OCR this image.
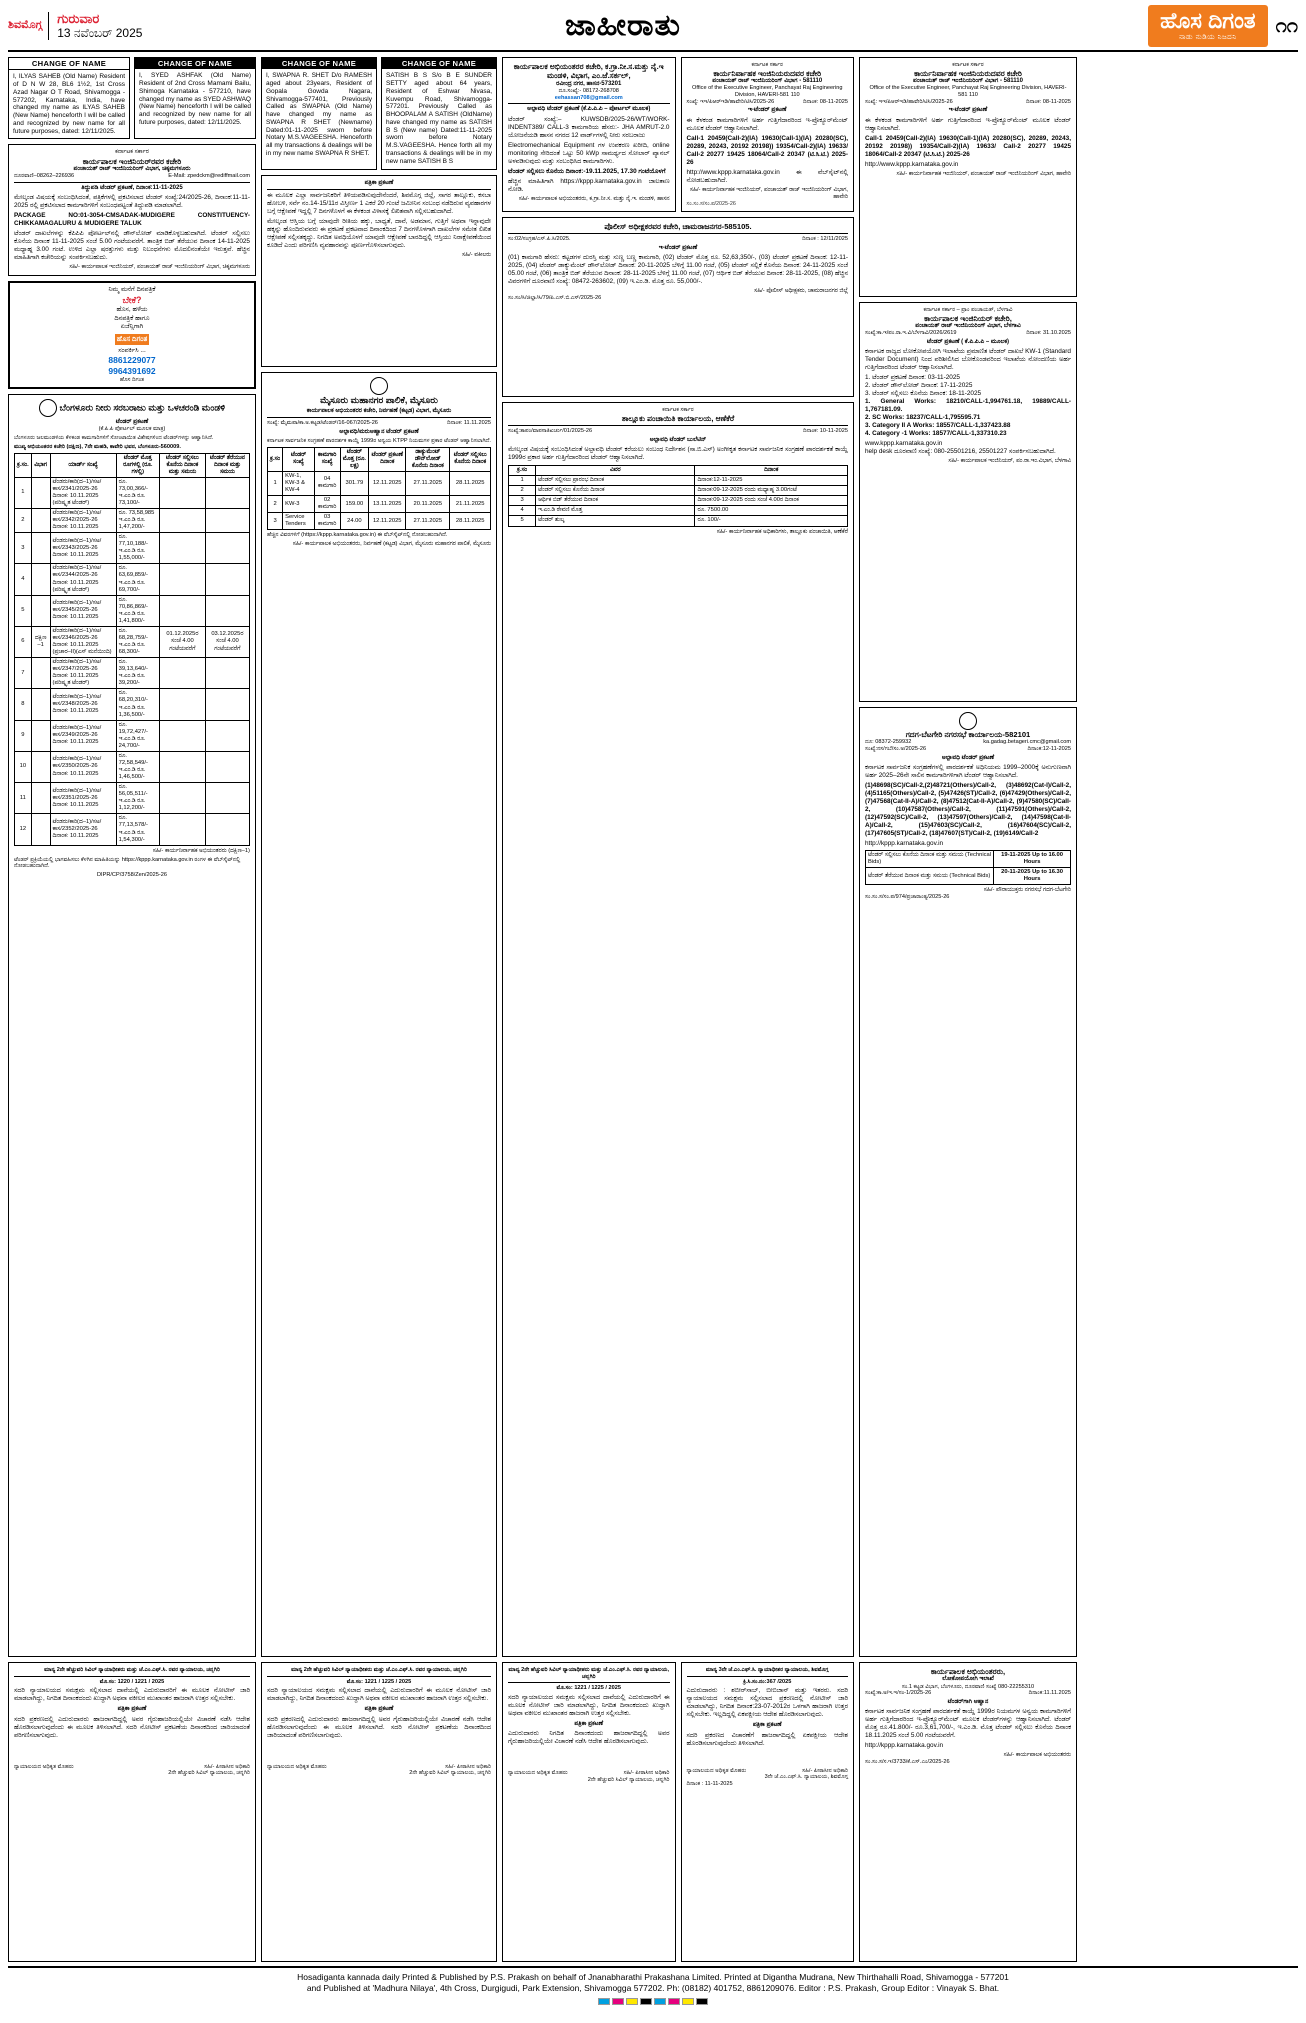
ಶಿವಮೊಗ್ಗ ಗುರುವಾರ
13 ನವೆಂಬರ್ 2025	ಜಾಹೀರಾತು	ಹೊಸ ದಿಗಂತ
ನಾಡು ನುಡಿಯ ನಿಜದನಿ
೧೧
CHANGE OF NAME
I, ILYAS SAHEB (Old Name) Resident of D N W 28, BL6 1½2, 1st Cross Azad Nagar O T Road, Shivamogga - 577202, Karnataka, India, have changed my name as ILYAS SAHEB (New Name) henceforth I will be called and recognized by new name for all future purposes, dated: 12/11/2025.
CHANGE OF NAME
I, SYED ASHFAK (Old Name) Resident of 2nd Cross Mamami Bailu, Shimoga Karnataka - 577210, have changed my name as SYED ASHWAQ (New Name) henceforth I will be called and recognized by new name for all future purposes, dated: 12/11/2025.
ಕರ್ನಾಟಕ ಸರ್ಕಾರ
ಕಾರ್ಯಪಾಲಕ ಇಂಜಿನಿಯರ್‌ರವರ ಕಚೇರಿ
ಪಂಚಾಯತ್ ರಾಜ್ ಇಂಜಿನಿಯರಿಂಗ್ ವಿಭಾಗ, ಚಿಕ್ಕಮಗಳೂರು
ದೂರವಾಣಿ–08262–226936	E-Mail: zpedckm@rediffmail.com
ತಿದ್ದುಪಡಿ ಟೆಂಡರ್ ಪ್ರಕಟಣೆ, ದಿನಾಂಕ:11-11-2025
ಮೇಲ್ಕಂಡ ವಿಷಯಕ್ಕೆ ಸಂಬಂಧಿಸಿದಂತೆ, ಪತ್ರಿಕೆಗಳಲ್ಲಿ ಪ್ರಕಟಿಸಲಾದ ಟೆಂಡರ್ ಸಂಖ್ಯೆ:24/2025-26, ದಿನಾಂಕ:11-11-2025 ರಲ್ಲಿ ಪ್ರಕಟಿಸಲಾದ ಕಾಮಗಾರಿಗಳಿಗೆ ಸಂಬಂಧಪಟ್ಟಂತೆ ತಿದ್ದುಪಡಿ ಮಾಡಲಾಗಿದೆ.
PACKAGE NO:01-3054-CMSADAK-MUDIGERE CONSTITUENCY-CHIKKAMAGALURU & MUDIGERE TALUK
ಟೆಂಡರ್ ದಾಖಲೆಗಳನ್ನು ಕೆಪಿಪಿಪಿ ಪೋರ್ಟಲ್‌ನಲ್ಲಿ ಡೌನ್‌ಲೋಡ್ ಮಾಡಿಕೊಳ್ಳಬಹುದಾಗಿದೆ. ಟೆಂಡರ್ ಸಲ್ಲಿಸಲು ಕೊನೆಯ ದಿನಾಂಕ 11-11-2025 ಸಂಜೆ 5.00 ಗಂಟೆಯವರೆಗೆ. ತಾಂತ್ರಿಕ ಬಿಡ್ ತೆರೆಯುವ ದಿನಾಂಕ 14-11-2025 ಮಧ್ಯಾಹ್ನ 3.00 ಗಂಟೆ. ಉಳಿದ ಎಲ್ಲಾ ಷರತ್ತುಗಳು ಮತ್ತು ನಿಬಂಧನೆಗಳು ಮೊದಲಿನಂತೆಯೇ ಇರುತ್ತವೆ. ಹೆಚ್ಚಿನ ಮಾಹಿತಿಗಾಗಿ ಕಚೇರಿಯನ್ನು ಸಂಪರ್ಕಿಸಬಹುದು.
ಸಹಿ/- ಕಾರ್ಯಪಾಲಕ ಇಂಜಿನಿಯರ್, ಪಂಚಾಯತ್ ರಾಜ್ ಇಂಜಿನಿಯರಿಂಗ್ ವಿಭಾಗ, ಚಿಕ್ಕಮಗಳೂರು
ನಿಮ್ಮ ಮನೆಗೆ ದಿನಪತ್ರಿಕೆ
ಬೇಕೆ?
ಹೊಸ, ಹಳೆಯ
ದಿನಪತ್ರಿಕೆ ಹಾಗೂ
ಏಜೆನ್ಸಿಗಾಗಿ
ಹೊಸ ದಿಗಂತ
ಸಂಪರ್ಕಿಸಿ ...
8861229077
9964391692
ಹೊಸ ದಿಗಂತ
ಬೆಂಗಳೂರು ನೀರು ಸರಬರಾಜು ಮತ್ತು ಒಳಚರಂಡಿ ಮಂಡಳಿ
ಟೆಂಡರ್ ಪ್ರಕಟಣೆ
(ಕೆ.ಪಿ.ಪಿ ಪೋರ್ಟಲ್ ಮೂಲಕ ಮಾತ್ರ)
ಬೆಂಗಳೂರು ಜಲಮಂಡಳಿಯ ಕೆಳಕಂಡ ಕಾಮಗಾರಿಗಳಿಗೆ ಸೋಂಟಾಯಿತ ವಿಶೇಷಗಳಿಂದ ಟೆಂಡರ್‌ಗಳನ್ನು ಆಹ್ವಾನಿಸಿದೆ.
ಮುಖ್ಯ ಅಭಿಯಂತರರ ಕಚೇರಿ (ದಕ್ಷಿಣ), 7ನೇ ಮಹಡಿ, ಕಾವೇರಿ ಭವನ, ಬೆಂಗಳೂರು-560009.
ಕ್ರ.ಸಂ.	ವಿಭಾಗ	ಯಾರ್ಡ್ ಸಂಖ್ಯೆ	ಟೆಂಡರ್ ಮೊತ್ತ ರೂಗಳಲ್ಲಿ (ರೂ. ಗಳಲ್ಲಿ)	ಟೆಂಡರ್ ಸಲ್ಲಿಸಲು ಕೊನೆಯ ದಿನಾಂಕ ಮತ್ತು ಸಮಯ	ಟೆಂಡರ್ ತೆರೆಯುವ ದಿನಾಂಕ ಮತ್ತು ಸಮಯ
1		ಟೆಂಡರು/ಕಾರಿ(ದ–1)/ಸಅ/ಕಾಸ/2341/2025-26 ದಿನಾಂಕ: 10.11.2025 (ಪರಿಷ್ಕೃತ ಟೆಂಡರ್)	ರೂ. 73,00,366/- ಇ.ಎಂ.ಡಿ ರೂ. 73,100/-		
2		ಟೆಂಡರು/ಕಾರಿ(ದ–1)/ಸಅ/ಕಾಸ/2342/2025-26 ದಿನಾಂಕ: 10.11.2025	ರೂ. 73,58,985 ಇ.ಎಂ.ಡಿ ರೂ. 1,47,200/-		
3		ಟೆಂಡರು/ಕಾರಿ(ದ–1)/ಸಅ/ಕಾಸ/2343/2025-26 ದಿನಾಂಕ: 10.11.2025	ರೂ. 77,10,188/- ಇ.ಎಂ.ಡಿ ರೂ. 1,55,000/-		
4		ಟೆಂಡರು/ಕಾರಿ(ದ–1)/ಸಅ/ಕಾಸ/2344/2025-26 ದಿನಾಂಕ: 10.11.2025 (ಪರಿಷ್ಕೃತ ಟೆಂಡರ್)	ರೂ. 63,69,859/- ಇ.ಎಂ.ಡಿ ರೂ. 69,700/-		
5		ಟೆಂಡರು/ಕಾರಿ(ದ–1)/ಸಅ/ಕಾಸ/2345/2025-26 ದಿನಾಂಕ: 10.11.2025	ರೂ. 70,86,869/- ಇ.ಎಂ.ಡಿ ರೂ. 1,41,800/-		
6	ದಕ್ಷಿಣ –1	ಟೆಂಡರು/ಕಾರಿ(ದ–1)/ಸಅ/ಕಾಸ/2346/2025-26 ದಿನಾಂಕ: 10.11.2025 (ಪ್ರಚಾರ–II)(ಎಸ್ ಮನೆಯಿಂದಿ)	ರೂ. 68,28,759/- ಇ.ಎಂ.ಡಿ ರೂ. 68,300/-	01.12.2025ರ ಸಂಜೆ 4.00 ಗಂಟೆಯವರೆಗೆ	03.12.2025ರ ಸಂಜೆ 4.00 ಗಂಟೆಯವರೆಗೆ
7		ಟೆಂಡರು/ಕಾರಿ(ದ–1)/ಸಅ/ಕಾಸ/2347/2025-26 ದಿನಾಂಕ: 10.11.2025 (ಪರಿಷ್ಕೃತ ಟೆಂಡರ್)	ರೂ. 39,13,640/- ಇ.ಎಂ.ಡಿ ರೂ. 39,200/-		
8		ಟೆಂಡರು/ಕಾರಿ(ದ–1)/ಸಅ/ಕಾಸ/2348/2025-26 ದಿನಾಂಕ: 10.11.2025	ರೂ. 68,20,310/- ಇ.ಎಂ.ಡಿ ರೂ. 1,36,500/-		
9		ಟೆಂಡರು/ಕಾರಿ(ದ–1)/ಸಅ/ಕಾಸ/2349/2025-26 ದಿನಾಂಕ: 10.11.2025	ರೂ. 19,72,427/- ಇ.ಎಂ.ಡಿ ರೂ. 24,700/-		
10		ಟೆಂಡರು/ಕಾರಿ(ದ–1)/ಸಅ/ಕಾಸ/2350/2025-26 ದಿನಾಂಕ: 10.11.2025	ರೂ. 72,58,549/- ಇ.ಎಂ.ಡಿ ರೂ. 1,46,500/-		
11		ಟೆಂಡರು/ಕಾರಿ(ದ–1)/ಸಅ/ಕಾಸ/2351/2025-26 ದಿನಾಂಕ: 10.11.2025	ರೂ. 56,05,511/- ಇ.ಎಂ.ಡಿ ರೂ. 1,12,200/-		
12		ಟೆಂಡರು/ಕಾರಿ(ದ–1)/ಸಅ/ಕಾಸ/2352/2025-26 ದಿನಾಂಕ: 10.11.2025	ರೂ. 77,13,578/- ಇ.ಎಂ.ಡಿ ರೂ. 1,54,300/-		
ಸಹಿ/- ಕಾರ್ಯನಿರ್ವಾಹಕ ಅಭಿಯಂತರರು (ದಕ್ಷಿಣ–1)
ಟೆಂಡರ್ ಪ್ರಕ್ರಿಯೆಯಲ್ಲಿ ಭಾಗವಹಿಸಲು ಕೆಳಗಿನ ಮಾಹಿತಿಯನ್ನು https://kppp.karnataka.gov.in ರಂಗಳ ಈ ವೆಬ್‌ಸೈಟ್‌ನಲ್ಲಿ ನೋಡಬಹುದಾಗಿದೆ.
DIPR/CP/3758/Zen/2025-26
ಮಾನ್ಯ 2ನೇ ಹೆಚ್ಚುವರಿ ಸಿವಿಲ್ ನ್ಯಾಯಾಧೀಶರು ಮತ್ತು ಜೆ.ಎಂ.ಎಫ್.ಸಿ. ರವರ ನ್ಯಾಯಾಲಯ, ಚನ್ನಗಿರಿ
ಮೊ.ಸಂ: 1220 / 1221 / 2025
ಸದರಿ ನ್ಯಾಯಾಲಯದ ಸಮಕ್ಷಮ ಸಲ್ಲಿಸಲಾದ ದಾವೆಯಲ್ಲಿ ಎದುರುದಾರರಿಗೆ ಈ ಮೂಲಕ ನೋಟೀಸ್ ಜಾರಿ ಮಾಡಲಾಗಿದ್ದು, ನಿಗದಿತ ದಿನಾಂಕದಂದು ಖುದ್ದಾಗಿ ಅಥವಾ ವಕೀಲರ ಮುಖಾಂತರ ಹಾಜರಾಗಿ ಉತ್ತರ ಸಲ್ಲಿಸಬೇಕು.
ಪತ್ರಿಕಾ ಪ್ರಕಟಣೆ
ಸದರಿ ಪ್ರಕರಣದಲ್ಲಿ ಎದುರುದಾರರು ಹಾಜರಾಗದಿದ್ದಲ್ಲಿ ಅವರ ಗೈರುಹಾಜರಿಯಲ್ಲಿಯೇ ವಿಚಾರಣೆ ನಡೆಸಿ ಆದೇಶ ಹೊರಡಿಸಲಾಗುವುದೆಂದು ಈ ಮೂಲಕ ತಿಳಿಸಲಾಗಿದೆ. ಸದರಿ ನೋಟೀಸ್ ಪ್ರಕಟಣೆಯ ದಿನಾಂಕದಿಂದ ಜಾರಿಯಾದಂತೆ ಪರಿಗಣಿಸಲಾಗುವುದು.
ನ್ಯಾಯಾಲಯದ ಅಧಿಕೃತ ಮೊಹರು	ಸಹಿ/- ಪೀಠಾಸೀನ ಅಧಿಕಾರಿ
2ನೇ ಹೆಚ್ಚುವರಿ ಸಿವಿಲ್ ನ್ಯಾಯಾಲಯ, ಚನ್ನಗಿರಿ
CHANGE OF NAME
I, SWAPNA R. SHET D/o RAMESH aged about 23years, Resident of Gopala Gowda Nagara, Shivamogga-577401, Previously Called as SWAPNA (Old Name) have changed my name as SWAPNA R SHET (Newname) Dated:01-11-2025 sworn before Notary M.S.VAGEESHA. Henceforth all my transactions & dealings will be in my new name SWAPNA R SHET.
CHANGE OF NAME
SATISH B S S/o B E SUNDER SETTY aged about 64 years, Resident of Eshwar Nivasa, Kuvempu Road, Shivamogga-577201. Previously Called as BHOOPALAM A SATISH (OldName) have changed my name as SATISH B S (New name) Dated:11-11-2025 sworn before Notary M.S.VAGEESHA. Hence forth all my transactions & dealings will be in my new name SATISH B S
ಪತ್ರಿಕಾ ಪ್ರಕಟಣೆ
ಈ ಮೂಲಕ ಎಲ್ಲಾ ಸಾರ್ವಜನಿಕರಿಗೆ ತಿಳಿಯಪಡಿಸುವುದೇನೆಂದರೆ, ಶಿವಮೊಗ್ಗ ಜಿಲ್ಲೆ, ಸಾಗರ ತಾಲ್ಲೂಕು, ಕಸಬಾ ಹೋಬಳಿ, ಸರ್ವೆ ನಂ.14-15/11ರ ವಿಸ್ತೀರ್ಣ 1 ಎಕರೆ 20 ಗುಂಟೆ ಜಮೀನಿನ ಸಂಬಂಧ ನಡೆದಿರುವ ವ್ಯವಹಾರಗಳ ಬಗ್ಗೆ ಆಕ್ಷೇಪಣೆ ಇದ್ದಲ್ಲಿ 7 ದಿನಗಳೊಳಗೆ ಈ ಕೆಳಕಂಡ ವಿಳಾಸಕ್ಕೆ ಲಿಖಿತವಾಗಿ ಸಲ್ಲಿಸಬಹುದಾಗಿದೆ.
ಮೇಲ್ಕಂಡ ಆಸ್ತಿಯ ಬಗ್ಗೆ ಯಾವುದೇ ರೀತಿಯ ಹಕ್ಕು, ಬಾಧ್ಯತೆ, ದಾವೆ, ಅಡಮಾನ, ಗುತ್ತಿಗೆ ಅಥವಾ ಇನ್ನಾವುದೇ ಹಕ್ಕನ್ನು ಹೊಂದಿರುವವರು ಈ ಪ್ರಕಟಣೆ ಪ್ರಕಟವಾದ ದಿನಾಂಕದಿಂದ 7 ದಿನಗಳೊಳಗಾಗಿ ದಾಖಲೆಗಳ ಸಮೇತ ಲಿಖಿತ ಆಕ್ಷೇಪಣೆ ಸಲ್ಲಿಸತಕ್ಕದ್ದು. ನಿಗದಿತ ಅವಧಿಯೊಳಗೆ ಯಾವುದೇ ಆಕ್ಷೇಪಣೆ ಬಾರದಿದ್ದಲ್ಲಿ ಆಸ್ತಿಯು ನಿರಾಕ್ಷೇಪಣೆಯಿಂದ ಕೂಡಿದೆ ಎಂದು ಪರಿಗಣಿಸಿ ವ್ಯವಹಾರವನ್ನು ಪೂರ್ಣಗೊಳಿಸಲಾಗುವುದು.
ಸಹಿ/- ವಕೀಲರು
ಮೈಸೂರು ಮಹಾನಗರ ಪಾಲಿಕೆ, ಮೈಸೂರು
ಕಾರ್ಯಪಾಲಕ ಅಭಿಯಂತರರ ಕಚೇರಿ, ನಿರ್ವಹಣೆ (ಕಟ್ಟಡ) ವಿಭಾಗ, ಮೈಸೂರು
ಸಂಖ್ಯೆ: ಮೈಮಪಾ/ಕಾ.ಅ.ಕಟ್ಟಡ/ಟೆಂಡರ್/16-067/2025-26	ದಿನಾಂಕ: 11.11.2025
ಅಲ್ಪಾವಧಿ/ಮರುಆಹ್ವಾನ ಟೆಂಡರ್ ಪ್ರಕಟಣೆ
ಕರ್ನಾಟಕ ಸಾರ್ವಜನಿಕ ಸಂಗ್ರಹಣೆ ಪಾರದರ್ಶಕ ಕಾಯ್ದೆ 1999ರ ಅನ್ವಯ KTPP ನಿಯಮಗಳ ಪ್ರಕಾರ ಟೆಂಡರ್ ಆಹ್ವಾನಿಸಲಾಗಿದೆ.
ಕ್ರ.ಸಂ	ಟೆಂಡರ್ ಸಂಖ್ಯೆ	ಕಾಮಗಾರಿ ಸಂಖ್ಯೆ	ಟೆಂಡರ್ ಮೊತ್ತ (ರೂ. ಲಕ್ಷ)	ಟೆಂಡರ್ ಪ್ರಕಟಣೆ ದಿನಾಂಕ	ಡಾಕ್ಯುಮೆಂಟ್ ಡೌನ್‌ಲೋಡ್ ಕೊನೆಯ ದಿನಾಂಕ	ಟೆಂಡರ್ ಸಲ್ಲಿಸಲು ಕೊನೆಯ ದಿನಾಂಕ
1	KW-1, KW-3 & KW-4	04 ಕಾಮಗಾರಿ	301.79	12.11.2025	27.11.2025	28.11.2025
2	KW-3	02 ಕಾಮಗಾರಿ	159.00	13.11.2025	20.11.2025	21.11.2025
3	Service Tenders	03 ಕಾಮಗಾರಿ	24.00	12.11.2025	27.11.2025	28.11.2025
ಹೆಚ್ಚಿನ ವಿವರಗಳಿಗೆ (https://kppp.karnataka.gov.in) ಈ ವೆಬ್‌ಸೈಟ್‌ನಲ್ಲಿ ನೋಡಬಹುದಾಗಿದೆ.
ಸಹಿ/- ಕಾರ್ಯಪಾಲಕ ಅಭಿಯಂತರರು, ನಿರ್ವಹಣೆ (ಕಟ್ಟಡ) ವಿಭಾಗ, ಮೈಸೂರು ಮಹಾನಗರ ಪಾಲಿಕೆ, ಮೈಸೂರು
ಮಾನ್ಯ 2ನೇ ಹೆಚ್ಚುವರಿ ಸಿವಿಲ್ ನ್ಯಾಯಾಧೀಶರು ಮತ್ತು ಜೆ.ಎಂ.ಎಫ್.ಸಿ. ರವರ ನ್ಯಾಯಾಲಯ, ಚನ್ನಗಿರಿ
ಮೊ.ಸಂ: 1221 / 1225 / 2025
ಸದರಿ ನ್ಯಾಯಾಲಯದ ಸಮಕ್ಷಮ ಸಲ್ಲಿಸಲಾದ ದಾವೆಯಲ್ಲಿ ಎದುರುದಾರರಿಗೆ ಈ ಮೂಲಕ ನೋಟೀಸ್ ಜಾರಿ ಮಾಡಲಾಗಿದ್ದು, ನಿಗದಿತ ದಿನಾಂಕದಂದು ಖುದ್ದಾಗಿ ಅಥವಾ ವಕೀಲರ ಮುಖಾಂತರ ಹಾಜರಾಗಿ ಉತ್ತರ ಸಲ್ಲಿಸಬೇಕು.
ಪತ್ರಿಕಾ ಪ್ರಕಟಣೆ
ಸದರಿ ಪ್ರಕರಣದಲ್ಲಿ ಎದುರುದಾರರು ಹಾಜರಾಗದಿದ್ದಲ್ಲಿ ಅವರ ಗೈರುಹಾಜರಿಯಲ್ಲಿಯೇ ವಿಚಾರಣೆ ನಡೆಸಿ ಆದೇಶ ಹೊರಡಿಸಲಾಗುವುದೆಂದು ಈ ಮೂಲಕ ತಿಳಿಸಲಾಗಿದೆ. ಸದರಿ ನೋಟೀಸ್ ಪ್ರಕಟಣೆಯ ದಿನಾಂಕದಿಂದ ಜಾರಿಯಾದಂತೆ ಪರಿಗಣಿಸಲಾಗುವುದು.
ನ್ಯಾಯಾಲಯದ ಅಧಿಕೃತ ಮೊಹರು	ಸಹಿ/- ಪೀಠಾಸೀನ ಅಧಿಕಾರಿ
2ನೇ ಹೆಚ್ಚುವರಿ ಸಿವಿಲ್ ನ್ಯಾಯಾಲಯ, ಚನ್ನಗಿರಿ
ಕಾರ್ಯಪಾಲಕ ಅಭಿಯಂತರರ ಕಚೇರಿ, ಕ.ಗ್ರಾ.ನೀ.ಸ.ಮತ್ತು ನೈ.ಇ ಮಂಡಳಿ, ವಿಭಾಗ, ಎಂ.ಜೆ.ಸರ್ಕಲ್,
ರವೀಂದ್ರ ನಗರ, ಹಾಸನ-573201
ದೂ.ಸಂಖ್ಯೆ:- 08172-268708
eehassan708@gmail.com
ಅಲ್ಪಾವಧಿ ಟೆಂಡರ್ ಪ್ರಕಟಣೆ (ಕೆ.ಪಿ.ಪಿ.ಪಿ – ಪೋರ್ಟಲ್ ಮೂಲಕ)
ಟೆಂಡರ್ ಸಂಖ್ಯೆ:– KUWSDB/2025-26/WT/WORK-INDENT389/ CALL-3 ಕಾಮಗಾರಿಯ ಹೆಸರು:- JHA AMRUT-2.0 ಯೋಜನೆಯಡಿ ಹಾಸನ ನಗರದ 12 ವಾರ್ಡ್‌ಗಳಲ್ಲಿ ನೀರು ಸರಬರಾಜು
Electromechanical Equipment ಗಳ ಉಪಕರಣ ಖರೀದಿ, online monitoring ಸೇರಿದಂತೆ ಒಟ್ಟು 50 kWp ಸಾಮರ್ಥ್ಯದ ಸೋಲಾರ್ ಪ್ಯಾನಲ್ ಅಳವಡಿಸುವುದು ಮತ್ತು ಸಂಬಂಧಿಸಿದ ಕಾಮಗಾರಿಗಳು.
ಟೆಂಡರ್ ಸಲ್ಲಿಸಲು ಕೊನೆಯ ದಿನಾಂಕ:-19.11.2025, 17.30 ಗಂಟೆಯೊಳಗೆ
ಹೆಚ್ಚಿನ ಮಾಹಿತಿಗಾಗಿ https://kppp.karnataka.gov.in ಜಾಲತಾಣ ನೋಡಿ.
ಸಹಿ/- ಕಾರ್ಯಪಾಲಕ ಅಭಿಯಂತರರು, ಕ.ಗ್ರಾ.ನೀ.ಸ. ಮತ್ತು ನೈ.ಇ. ಮಂಡಳಿ, ಹಾಸನ
ಕರ್ನಾಟಕ ಸರ್ಕಾರ
ಕಾರ್ಯನಿರ್ವಾಹಕ ಇಂಜಿನಿಯರುದವರ ಕಚೇರಿ
ಪಂಚಾಯತ್ ರಾಜ್ ಇಂಜಿನಿಯರಿಂಗ್ ವಿಭಾಗ - 581110
Office of the Executive Engineer, Panchayat Raj Engineering Division, HAVERI-581 110
ಸಂಖ್ಯೆ: ಇಇ/ಪಿಆರ್‌ಇಡಿ/ಹಾವೇರಿ/ಟಿಸಿ/2025-26	ದಿನಾಂಕ: 08-11-2025
ಇ-ಟೆಂಡರ್ ಪ್ರಕಟಣೆ
ಈ ಕೆಳಕಂಡ ಕಾಮಗಾರಿಗಳಿಗೆ ಅರ್ಹ ಗುತ್ತಿಗೆದಾರರಿಂದ ಇ-ಪ್ರೊಕ್ಯೂರ್‌ಮೆಂಟ್ ಮೂಲಕ ಟೆಂಡರ್ ಆಹ್ವಾನಿಸಲಾಗಿದೆ.
Call-1 20459(Call-2)(IA) 19630(Call-1)(IA) 20280(SC), 20289, 20243, 20192 20198)) 19354/Call-2)(IA) 19633/ Call-2 20277 19425 18064/Call-2 20347 (ಟಿ.ಸಿ.ಟಿ.) 2025-26
http://www.kppp.karnataka.gov.in ಈ ವೆಬ್‌ಸೈಟ್‌ನಲ್ಲಿ ನೋಡಬಹುದಾಗಿದೆ.
ಸಹಿ/- ಕಾರ್ಯನಿರ್ವಾಹಕ ಇಂಜಿನಿಯರ್, ಪಂಚಾಯತ್ ರಾಜ್ ಇಂಜಿನಿಯರಿಂಗ್ ವಿಭಾಗ, ಹಾವೇರಿ
ಸಂ.ಸಂ.ಸ/ಸಂ.ಪ/2025-26
ಪೊಲೀಸ್ ಅಧೀಕ್ಷಕರವರ ಕಚೇರಿ, ಚಾಮರಾಜನಗರ-585105.
ಸಂ:02/ಸಂಗ್ರಹ/ಎಸ್.ಪಿ.ಸಿ/2025.	ದಿನಾಂಕ : 12/11/2025
ಇ-ಟೆಂಡರ್ ಪ್ರಕಟಣೆ
(01) ಕಾಮಗಾರಿ ಹೆಸರು: ಕಟ್ಟಡಗಳ ದುರಸ್ತಿ ಮತ್ತು ಸುಣ್ಣ ಬಣ್ಣ ಕಾಮಗಾರಿ, (02) ಟೆಂಡರ್ ಮೊತ್ತ ರೂ. 52,63,350/-, (03) ಟೆಂಡರ್ ಪ್ರಕಟಣೆ ದಿನಾಂಕ: 12-11-2025, (04) ಟೆಂಡರ್ ಡಾಕ್ಯುಮೆಂಟ್ ಡೌನ್‌ಲೋಡ್ ದಿನಾಂಕ: 20-11-2025 ಬೆಳಿಗ್ಗೆ 11.00 ಗಂಟೆ, (05) ಟೆಂಡರ್ ಸಲ್ಲಿಕೆ ಕೊನೆಯ ದಿನಾಂಕ: 24-11-2025 ಸಂಜೆ 05.00 ಗಂಟೆ, (06) ತಾಂತ್ರಿಕ ಬಿಡ್ ತೆರೆಯುವ ದಿನಾಂಕ: 28-11-2025 ಬೆಳಿಗ್ಗೆ 11.00 ಗಂಟೆ, (07) ಆರ್ಥಿಕ ಬಿಡ್ ತೆರೆಯುವ ದಿನಾಂಕ: 28-11-2025, (08) ಹೆಚ್ಚಿನ ವಿವರಗಳಿಗೆ ದೂರವಾಣಿ ಸಂಖ್ಯೆ: 08472-263602, (09) ಇ.ಎಂ.ಡಿ. ಮೊತ್ತ ರೂ. 55,000/-.
ಸಹಿ/- ಪೊಲೀಸ್ ಅಧೀಕ್ಷಕರು, ಚಾಮರಾಜನಗರ ಜಿಲ್ಲೆ
ಸಂ.ಸಂ/ಸಿ/ಜಿಲ್ಲಾ/ಸಿ/79/ಪಿ.ಎಸ್.ಬಿ.ಎಸ್/2025-26
ಕರ್ನಾಟಕ ಸರ್ಕಾರ
ತಾಲ್ಲೂಕು ಪಂಚಾಯಿತಿ ಕಾರ್ಯಾಲಯ, ಆಣೆಕೆರೆ
ಸಂಖ್ಯೆ:ತಾಪಂ/ವಾಪಸಾತಿಖರ್ಚು/01/2025-26	ದಿನಾಂಕ: 10-11-2025
ಅಲ್ಪಾವಧಿ ಟೆಂಡರ್ ಬುಲೆಟಿನ್
ಮೇಲ್ಕಂಡ ವಿಷಯಕ್ಕೆ ಸಂಬಂಧಿಸಿದಂತೆ ಅಲ್ಪಾವಧಿ ಟೆಂಡರ್ ಕರೆಯಲು ಸಂಬಂಧ ನಿರ್ದೇಶನ (ಸಾ.ಬಿ.ಎಸ್) ಅಂಗೀಕೃತ ಕರ್ನಾಟಕ ಸಾರ್ವಜನಿಕ ಸಂಗ್ರಹಣೆ ಪಾರದರ್ಶಕತೆ ಕಾಯ್ದೆ 1999ರ ಪ್ರಕಾರ ಅರ್ಹ ಗುತ್ತಿಗೆದಾರರಿಂದ ಟೆಂಡರ್ ಆಹ್ವಾನಿಸಲಾಗಿದೆ.
ಕ್ರ.ಸಂ	ವಿವರ	ದಿನಾಂಕ
1	ಟೆಂಡರ್ ಸಲ್ಲಿಸಲು ಪ್ರಾರಂಭ ದಿನಾಂಕ	ದಿನಾಂಕ:12-11-2025
2	ಟೆಂಡರ್ ಸಲ್ಲಿಸಲು ಕೊನೆಯ ದಿನಾಂಕ	ದಿನಾಂಕ:09-12-2025 ರಂದು ಮಧ್ಯಾಹ್ನ 3.00ಗಂಟೆ
3	ಆರ್ಥಿಕ ಬಿಡ್ ತೆರೆಯುವ ದಿನಾಂಕ	ದಿನಾಂಕ:09-12-2025 ರಂದು ಸಂಜೆ 4.00ರ ದಿನಾಂಕ
4	ಇ.ಎಂ.ಡಿ ಠೇವಣಿ ಮೊತ್ತ	ರೂ. 7500.00
5	ಟೆಂಡರ್ ಶುಲ್ಕ	ರೂ. 100/-
ಸಹಿ/- ಕಾರ್ಯನಿರ್ವಾಹಕ ಅಧಿಕಾರಿಗಳು, ತಾಲ್ಲೂಕು ಪಂಚಾಯಿತಿ, ಆಣೆಕೆರೆ
ಮಾನ್ಯ 2ನೇ ಹೆಚ್ಚುವರಿ ಸಿವಿಲ್ ನ್ಯಾಯಾಧೀಶರು ಮತ್ತು ಜೆ.ಎಂ.ಎಫ್.ಸಿ. ರವರ ನ್ಯಾಯಾಲಯ, ಚನ್ನಗಿರಿ
ಮೊ.ಸಂ: 1221 / 1225 / 2025
ಸದರಿ ನ್ಯಾಯಾಲಯದ ಸಮಕ್ಷಮ ಸಲ್ಲಿಸಲಾದ ದಾವೆಯಲ್ಲಿ ಎದುರುದಾರರಿಗೆ ಈ ಮೂಲಕ ನೋಟೀಸ್ ಜಾರಿ ಮಾಡಲಾಗಿದ್ದು, ನಿಗದಿತ ದಿನಾಂಕದಂದು ಖುದ್ದಾಗಿ ಅಥವಾ ವಕೀಲರ ಮುಖಾಂತರ ಹಾಜರಾಗಿ ಉತ್ತರ ಸಲ್ಲಿಸಬೇಕು.
ಪತ್ರಿಕಾ ಪ್ರಕಟಣೆ
ಎದುರುದಾರರು ನಿಗದಿತ ದಿನಾಂಕದಂದು ಹಾಜರಾಗದಿದ್ದಲ್ಲಿ ಅವರ ಗೈರುಹಾಜರಿಯಲ್ಲಿಯೇ ವಿಚಾರಣೆ ನಡೆಸಿ ಆದೇಶ ಹೊರಡಿಸಲಾಗುವುದು.
ನ್ಯಾಯಾಲಯದ ಅಧಿಕೃತ ಮೊಹರು	ಸಹಿ/- ಪೀಠಾಸೀನ ಅಧಿಕಾರಿ
2ನೇ ಹೆಚ್ಚುವರಿ ಸಿವಿಲ್ ನ್ಯಾಯಾಲಯ, ಚನ್ನಗಿರಿ
ಮಾನ್ಯ 3ನೇ ಜೆ.ಎಂ.ಎಫ್.ಸಿ. ನ್ಯಾಯಾಧೀಶರ ನ್ಯಾಯಾಲಯ, ಶಿವಮೊಗ್ಗ
ಕ್ರಿ.ಸಿ.ಸಂ.ನಂ:367 /2025
ಎದುರುದಾರರು : ಶಬೀರ್‌ಸಾಬ್, ಬೀಬಿಜಾನ್ ಮತ್ತು ಇತರರು. ಸದರಿ ನ್ಯಾಯಾಲಯದ ಸಮಕ್ಷಮ ಸಲ್ಲಿಸಲಾದ ಪ್ರಕರಣದಲ್ಲಿ ನೋಟೀಸ್ ಜಾರಿ ಮಾಡಲಾಗಿದ್ದು, ನಿಗದಿತ ದಿನಾಂಕ:23-07-2012ರ ಒಳಗಾಗಿ ಹಾಜರಾಗಿ ಉತ್ತರ ಸಲ್ಲಿಸಬೇಕು. ಇಲ್ಲದಿದ್ದಲ್ಲಿ ಏಕಪಕ್ಷೀಯ ಆದೇಶ ಹೊರಡಿಸಲಾಗುವುದು.
ಪತ್ರಿಕಾ ಪ್ರಕಟಣೆ
ಸದರಿ ಪ್ರಕರಣದ ವಿಚಾರಣೆಗೆ ಹಾಜರಾಗದಿದ್ದಲ್ಲಿ ಏಕಪಕ್ಷೀಯ ಆದೇಶ ಹೊರಡಿಸಲಾಗುವುದೆಂದು ತಿಳಿಸಲಾಗಿದೆ.
ನ್ಯಾಯಾಲಯದ ಅಧಿಕೃತ ಮೊಹರು	ಸಹಿ/- ಪೀಠಾಸೀನ ಅಧಿಕಾರಿ
3ನೇ ಜೆ.ಎಂ.ಎಫ್.ಸಿ. ನ್ಯಾಯಾಲಯ, ಶಿವಮೊಗ್ಗ
ದಿನಾಂಕ : 11-11-2025
ಕರ್ನಾಟಕ ಸರ್ಕಾರ
ಕಾರ್ಯನಿರ್ವಾಹಕ ಇಂಜಿನಿಯರುದವರ ಕಚೇರಿ
ಪಂಚಾಯತ್ ರಾಜ್ ಇಂಜಿನಿಯರಿಂಗ್ ವಿಭಾಗ - 581110
Office of the Executive Engineer, Panchayat Raj Engineering Division, HAVERI-581 110
ಸಂಖ್ಯೆ: ಇಇ/ಪಿಆರ್‌ಇಡಿ/ಹಾವೇರಿ/ಟಿಸಿ/2025-26	ದಿನಾಂಕ: 08-11-2025
ಇ-ಟೆಂಡರ್ ಪ್ರಕಟಣೆ
ಈ ಕೆಳಕಂಡ ಕಾಮಗಾರಿಗಳಿಗೆ ಅರ್ಹ ಗುತ್ತಿಗೆದಾರರಿಂದ ಇ-ಪ್ರೊಕ್ಯೂರ್‌ಮೆಂಟ್ ಮೂಲಕ ಟೆಂಡರ್ ಆಹ್ವಾನಿಸಲಾಗಿದೆ.
Call-1 20459(Call-2)(IA) 19630(Call-1)(IA) 20280(SC), 20289, 20243, 20192 20198)) 19354/Call-2)(IA) 19633/ Call-2 20277 19425 18064/Call-2 20347 (ಟಿ.ಸಿ.ಟಿ.) 2025-26
http://www.kppp.karnataka.gov.in
ಸಹಿ/- ಕಾರ್ಯನಿರ್ವಾಹಕ ಇಂಜಿನಿಯರ್, ಪಂಚಾಯತ್ ರಾಜ್ ಇಂಜಿನಿಯರಿಂಗ್ ವಿಭಾಗ, ಹಾವೇರಿ
ಕರ್ನಾಟಕ ಸರ್ಕಾರ – ಪ್ರಾಂ ಪಂಚಾಯತ್, ಬೆಳಗಾವಿ
ಕಾರ್ಯಪಾಲಕ ಇಂಜಿನಿಯರ್ ಕಚೇರಿ,
ಪಂಚಾಯತ್ ರಾಜ್ ಇಂಜಿನಿಯರಿಂಗ್ ವಿಭಾಗ, ಬೆಳಗಾವಿ
ಸಂಖ್ಯೆ:ಕಾ.ಇ/ಪಂ.ರಾ.ಇ.ವಿ/ಬೆಳಗಾವಿ/2026/2619	ದಿನಾಂಕ: 31.10.2025
ಟೆಂಡರ್ ಪ್ರಕಟಣೆ ( ಕೆ.ಪಿ.ಪಿ.ಪಿ – ಮೂಲಕ)
ಕರ್ನಾಟಕ ರಾಜ್ಯದ ಲೋಕೋಪಯೋಗಿ ಇಲಾಖೆಯ ಪ್ರಮಾಣಿತ ಟೆಂಡರ್ ದಾಖಲೆ KW-1 (Standard Tender Document) ನಿಂದ ಪರಿಶೀಲಿಸಿದ ಬೋಕೊಂಡವರಿಂದ ಇಲಾಖೆಯ ನೋಂದಣಿಯ ಅರ್ಹ ಗುತ್ತಿಗೆದಾರರಿಂದ ಟೆಂಡರ್ ಆಹ್ವಾನಿಸಲಾಗಿದೆ.
1. ಟೆಂಡರ್ ಪ್ರಕಟಣೆ ದಿನಾಂಕ: 03-11-2025
2. ಟೆಂಡರ್ ಡೌನ್‌ಲೋಡ್ ದಿನಾಂಕ: 17-11-2025
3. ಟೆಂಡರ್ ಸಲ್ಲಿಸಲು ಕೊನೆಯ ದಿನಾಂಕ: 18-11-2025
1. General Works: 18210/CALL-1,994761.18, 19889/CALL-1,767181.09.
2. SC Works: 18237/CALL-1,795595.71
3. Category II A Works: 18557/CALL-1,337423.88
4. Category -1 Works: 18577/CALL-1,337310.23
www.kppp.karnataka.gov.in
help desk ದೂರವಾಣಿ ಸಂಖ್ಯೆ: 080-25501216, 25501227 ಸಂಪರ್ಕಿಸಬಹುದಾಗಿದೆ.
ಸಹಿ/- ಕಾರ್ಯಪಾಲಕ ಇಂಜಿನಿಯರ್, ಪಂ.ರಾ.ಇಂ.ವಿಭಾಗ, ಬೆಳಗಾವಿ
ಗದಗ-ಬೆಟಗೇರಿ ನಗರಸಭೆ ಕಾರ್ಯಾಲಯ-582101
ದೂ: 08372-259932	ka.gadag.betageri.cmc@gmail.com
ಸಂಖ್ಯೆ:ನಸ/ಗಬೆ/ಸಂ.ಅ/2025-26	ದಿನಾಂಕ:12-11-2025
ಅಲ್ಪಾವಧಿ ಟೆಂಡರ್ ಪ್ರಕಟಣೆ
ಕರ್ನಾಟಕ ಸಾರ್ವಜನಿಕ ಸಂಗ್ರಹಣೆಗಳಲ್ಲಿ ಪಾರದರ್ಶಕತೆ ಅಧಿನಿಯಮ 1999–2000ಕ್ಕೆ ಅನುಗುಣವಾಗಿ ಅರ್ಹ 2025–26ನೇ ಸಾಲಿನ ಕಾಮಗಾರಿಗಳಿಗಾಗಿ ಟೆಂಡರ್ ಆಹ್ವಾನಿಸಲಾಗಿದೆ.
(1)48698(SC)/Call-2,(2)48721(Others)/Call-2, (3)48692(Cat-I)/Call-2,(4)51165(Others)/Call-2, (5)47426(ST)/Call-2, (6)47429(Others)/Call-2, (7)47568(Cat-II-A)/Call-2, (8)47512(Cat-II-A)/Call-2, (9)47580(SC)/Call-2, (10)47587(Others)/Call-2, (11)47591(Others)/Call-2, (12)47592(SC)/Call-2, (13)47597(Others)/Call-2, (14)47598(Cat-II-A)/Call-2, (15)47603(SC)/Call-2, (16)47604(SC)/Call-2, (17)47605(ST)/Call-2, (18)47607(ST)/Call-2, (19)6149/Call-2
http://kppp.karnataka.gov.in
ಟೆಂಡರ್ ಸಲ್ಲಿಸಲು ಕೊನೆಯ ದಿನಾಂಕ ಮತ್ತು ಸಮಯ (Technical Bids)	19-11-2025 Up to 16.00 Hours
ಟೆಂಡರ್ ತೆರೆಯುವ ದಿನಾಂಕ ಮತ್ತು ಸಮಯ (Technical Bids)	20-11-2025 Up to 16.30 Hours
ಸಹಿ/- ಪೌರಾಯುಕ್ತರು ನಗರಸಭೆ ಗದಗ-ಬೆಟಗೇರಿ
ಸಂ.ಸಂ.ಸ/ಸಂ.ಪ/974/ಪ್ರಚಾರಾಂತ್ಯ/2025-26
ಕಾರ್ಯಪಾಲಕ ಅಭಿಯಂತರರು,
ಲೋಕೋಪಯೋಗಿ ಇಲಾಖೆ
ಸಂ.1 ಕಟ್ಟಡ ವಿಭಾಗ, ಬೆಂಗಳೂರು, ದೂರವಾಣಿ ಸಂಖ್ಯೆ 080-22255310
ಸಂಖ್ಯೆ:ಕಾ.ಅ/ಇ.ಇ/ಸಂ-1/2025-26	ದಿನಾಂಕ:11.11.2025
ಟೆಂಡರ್‌ಗಾಗಿ ಆಹ್ವಾನ
ಕರ್ನಾಟಕ ಸಾರ್ವಜನಿಕ ಸಂಗ್ರಹಣೆ ಪಾರದರ್ಶಕತೆ ಕಾಯ್ದೆ 1999ರ ನಿಯಮಗಳ ಅನ್ವಯ ಕಾಮಗಾರಿಗಳಿಗೆ ಅರ್ಹ ಗುತ್ತಿಗೆದಾರರಿಂದ ಇ-ಪ್ರೊಕ್ಯೂರ್‌ಮೆಂಟ್ ಮೂಲಕ ಟೆಂಡರ್‌ಗಳನ್ನು ಆಹ್ವಾನಿಸಲಾಗಿದೆ. ಟೆಂಡರ್ ಮೊತ್ತ ರೂ.41.800/- ರೂ.3,61,700/-, ಇ.ಎಂ.ಡಿ. ಮೊತ್ತ ಟೆಂಡರ್ ಸಲ್ಲಿಸಲು ಕೊನೆಯ ದಿನಾಂಕ 18.11.2025 ಸಂಜೆ 5.00 ಗಂಟೆಯವರೆಗೆ.
http://kppp.karnataka.gov.in
ಸಹಿ/- ಕಾರ್ಯಪಾಲಕ ಅಭಿಯಂತರರು
ಸಂ.ಸಂ.ಸ/ಸ.ಇ/3733/ಕೆ.ಎಸ್.ಎಂ/2025-26
Hosadiganta kannada daily Printed & Published by P.S. Prakash on behalf of Jnanabharathi Prakashana Limited. Printed at Digantha Mudrana, New Thirthahalli Road, Shivamogga - 577201
and Published at 'Madhura Nilaya', 4th Cross, Durgigudi, Park Extension, Shivamogga 577202. Ph: (08182) 401752, 8861209076. Editor : P.S. Prakash, Group Editor : Vinayak S. Bhat.
